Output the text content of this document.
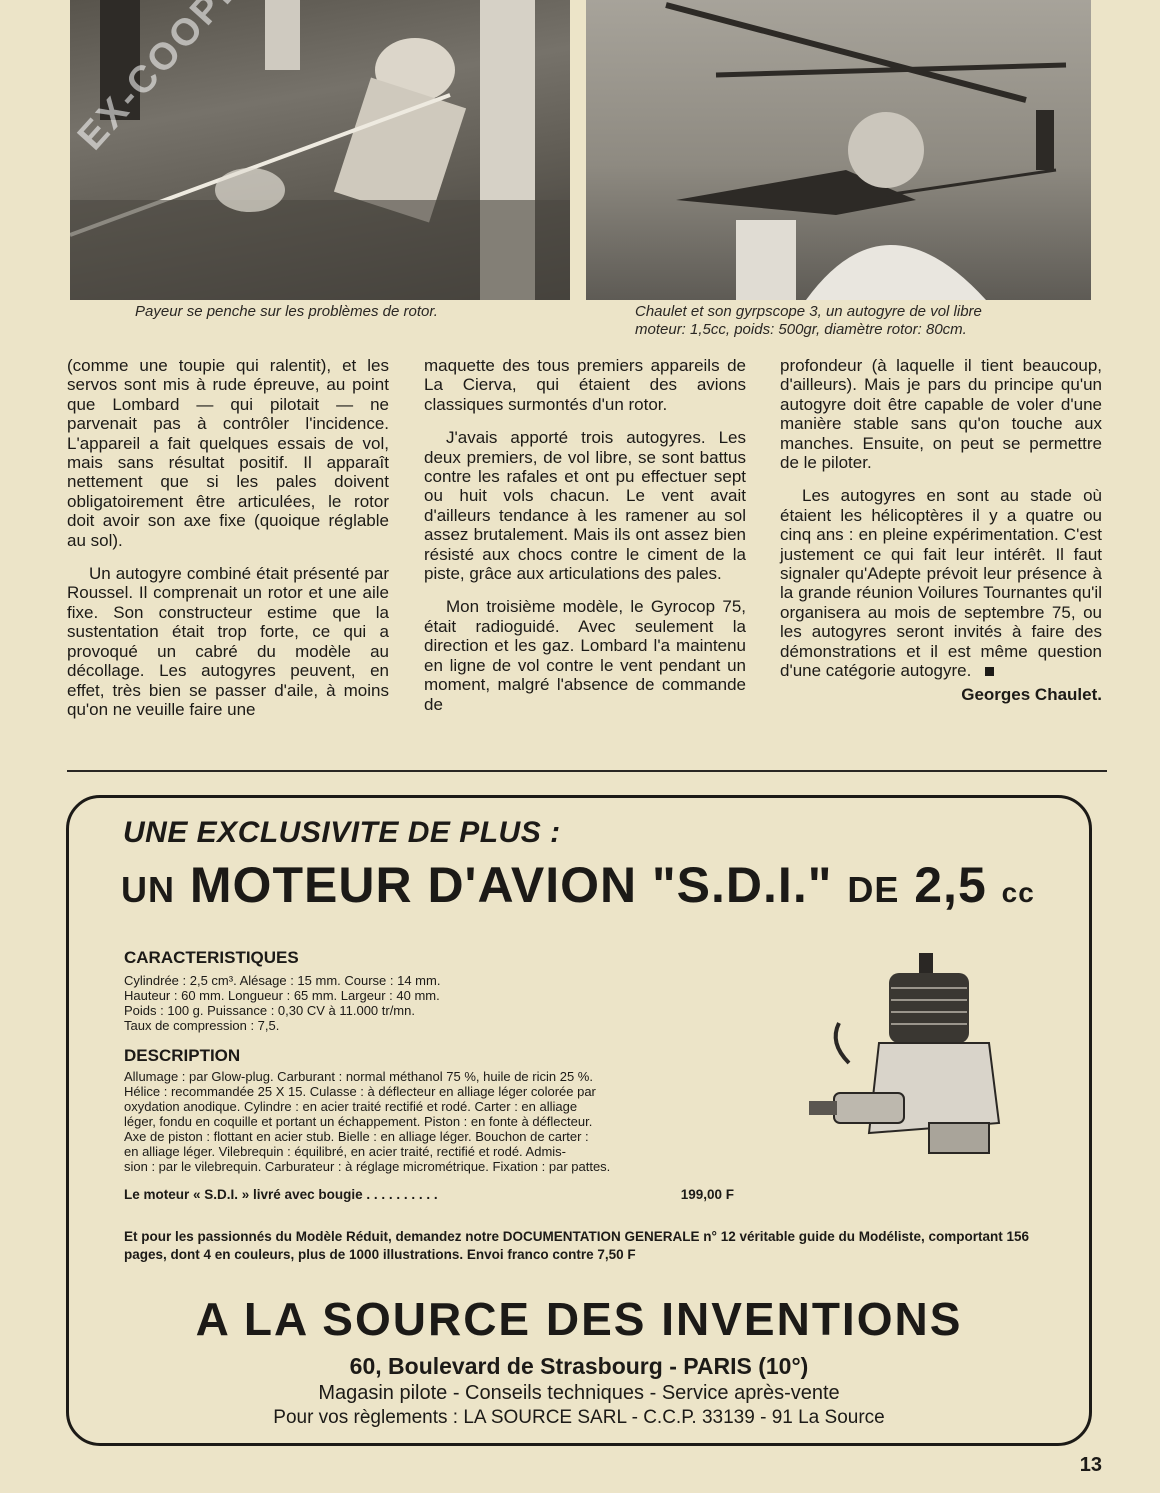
Payeur se penche sur les problèmes de rotor.	Chaulet et son gyrpscope 3, un autogyre de vol libre
moteur: 1,5cc, poids: 500gr, diamètre rotor: 80cm.

(comme une toupie qui ralentit), et les servos sont mis à rude épreuve, au point que Lombard — qui pilotait — ne parvenait pas à contrôler l'incidence. L'appareil a fait quelques essais de vol, mais sans résultat positif. Il apparaît nettement que si les pales doivent obligatoirement être articulées, le rotor doit avoir son axe fixe (quoique réglable au sol).

Un autogyre combiné était présenté par Roussel. Il comprenait un rotor et une aile fixe. Son constructeur estime que la sustentation était trop forte, ce qui a provoqué un cabré du modèle au décollage. Les autogyres peuvent, en effet, très bien se passer d'aile, à moins qu'on ne veuille faire une

maquette des tous premiers appareils de La Cierva, qui étaient des avions classiques surmontés d'un rotor.

J'avais apporté trois autogyres. Les deux premiers, de vol libre, se sont battus contre les rafales et ont pu effectuer sept ou huit vols chacun. Le vent avait d'ailleurs tendance à les ramener au sol assez brutalement. Mais ils ont assez bien résisté aux chocs contre le ciment de la piste, grâce aux articulations des pales.

Mon troisième modèle, le Gyrocop 75, était radioguidé. Avec seulement la direction et les gaz. Lombard l'a maintenu en ligne de vol contre le vent pendant un moment, malgré l'absence de commande de

profondeur (à laquelle il tient beaucoup, d'ailleurs). Mais je pars du principe qu'un autogyre doit être capable de voler d'une manière stable sans qu'on touche aux manches. Ensuite, on peut se permettre de le piloter.

Les autogyres en sont au stade où étaient les hélicoptères il y a quatre ou cinq ans : en pleine expérimentation. C'est justement ce qui fait leur intérêt. Il faut signaler qu'Adepte prévoit leur présence à la grande réunion Voilures Tournantes qu'il organisera au mois de septembre 75, ou les autogyres seront invités à faire des démonstrations et il est même question d'une catégorie autogyre.

Georges Chaulet.
UNE EXCLUSIVITE DE PLUS :
UN MOTEUR D'AVION "S.D.I." DE 2,5 cc
CARACTERISTIQUES
Cylindrée : 2,5 cm³. Alésage : 15 mm. Course : 14 mm.
Hauteur : 60 mm. Longueur : 65 mm. Largeur : 40 mm.
Poids : 100 g. Puissance : 0,30 CV à 11.000 tr/mn.
Taux de compression : 7,5.
DESCRIPTION
Allumage : par Glow-plug. Carburant : normal méthanol 75 %, huile de ricin 25 %.
Hélice : recommandée 25 X 15. Culasse : à déflecteur en alliage léger colorée par
oxydation anodique. Cylindre : en acier traité rectifié et rodé. Carter : en alliage
léger, fondu en coquille et portant un échappement. Piston : en fonte à déflecteur.
Axe de piston : flottant en acier stub. Bielle : en alliage léger. Bouchon de carter :
en alliage léger. Vilebrequin : équilibré, en acier traité, rectifié et rodé. Admis-
sion : par le vilebrequin. Carburateur : à réglage micrométrique. Fixation : par pattes.
Le moteur « S.D.I. » livré avec bougie . . . . . . . . . .	199,00 F
Et pour les passionnés du Modèle Réduit, demandez notre DOCUMENTATION GENERALE n° 12 véritable guide du Modéliste, comportant 156 pages, dont 4 en couleurs, plus de 1000 illustrations. Envoi franco contre 7,50 F
A LA SOURCE DES INVENTIONS
60, Boulevard de Strasbourg - PARIS (10°)
Magasin pilote - Conseils techniques - Service après-vente
Pour vos règlements : LA SOURCE SARL - C.C.P. 33139 - 91 La Source
13
